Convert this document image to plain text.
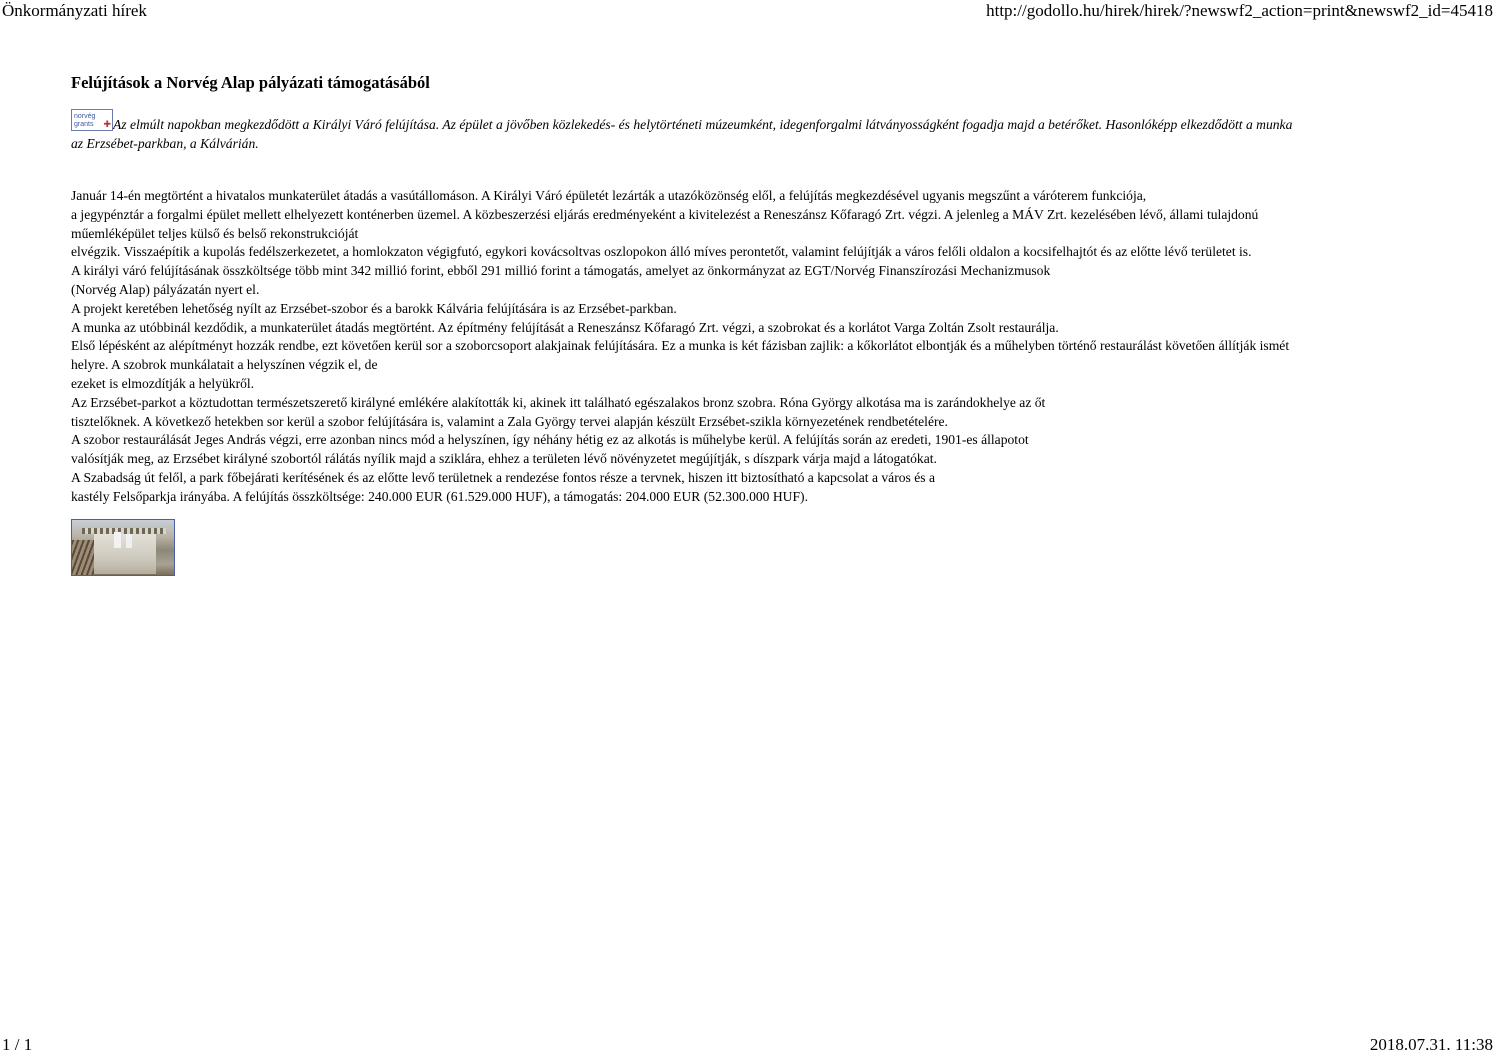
Önkormányzati hírek	http://godollo.hu/hirek/hirek/?newswf2_action=print&newswf2_id=45418
Felújítások a Norvég Alap pályázati támogatásából
norvég
grants ✚ Az elmúlt napokban megkezdődött a Királyi Váró felújítása. Az épület a jövőben közlekedés- és helytörténeti múzeumként, idegenforgalmi látványosságként fogadja majd a betérőket. Hasonlóképp elkezdődött a munka
az Erzsébet-parkban, a Kálvárián.

Január 14-én megtörtént a hivatalos munkaterület átadás a vasútállomáson. A Királyi Váró épületét lezárták a utazóközönség elől, a felújítás megkezdésével ugyanis megszűnt a váróterem funkciója,

a jegypénztár a forgalmi épület mellett elhelyezett konténerben üzemel. A közbeszerzési eljárás eredményeként a kivitelezést a Reneszánsz Kőfaragó Zrt. végzi. A jelenleg a MÁV Zrt. kezelésében lévő, állami tulajdonú

műemléképület teljes külső és belső rekonstrukcióját

elvégzik. Visszaépítik a kupolás fedélszerkezetet, a homlokzaton végigfutó, egykori kovácsoltvas oszlopokon álló míves perontetőt, valamint felújítják a város felőli oldalon a kocsifelhajtót és az előtte lévő területet is.

A királyi váró felújításának összköltsége több mint 342 millió forint, ebből 291 millió forint a támogatás, amelyet az önkormányzat az EGT/Norvég Finanszírozási Mechanizmusok

(Norvég Alap) pályázatán nyert el.

A projekt keretében lehetőség nyílt az Erzsébet-szobor és a barokk Kálvária felújítására is az Erzsébet-parkban.

A munka az utóbbinál kezdődik, a munkaterület átadás megtörtént. Az építmény felújítását a Reneszánsz Kőfaragó Zrt. végzi, a szobrokat és a korlátot Varga Zoltán Zsolt restaurálja.

Első lépésként az alépítményt hozzák rendbe, ezt követően kerül sor a szoborcsoport alakjainak felújítására. Ez a munka is két fázisban zajlik: a kőkorlátot elbontják és a műhelyben történő restaurálást követően állítják ismét

helyre. A szobrok munkálatait a helyszínen végzik el, de

ezeket is elmozdítják a helyükről.

Az Erzsébet-parkot a köztudottan természetszerető királyné emlékére alakították ki, akinek itt található egészalakos bronz szobra. Róna György alkotása ma is zarándokhelye az őt

tisztelőknek. A következő hetekben sor kerül a szobor felújítására is, valamint a Zala György tervei alapján készült Erzsébet-szikla környezetének rendbetételére.

A szobor restaurálását Jeges András végzi, erre azonban nincs mód a helyszínen, így néhány hétig ez az alkotás is műhelybe kerül. A felújítás során az eredeti, 1901-es állapotot

valósítják meg, az Erzsébet királyné szobortól rálátás nyílik majd a sziklára, ehhez a területen lévő növényzetet megújítják, s díszpark várja majd a látogatókat.

A Szabadság út felől, a park főbejárati kerítésének és az előtte levő területnek a rendezése fontos része a tervnek, hiszen itt biztosítható a kapcsolat a város és a

kastély Felsőparkja irányába. A felújítás összköltsége: 240.000 EUR (61.529.000 HUF), a támogatás: 204.000 EUR (52.300.000 HUF).

1 / 1	2018.07.31. 11:38
